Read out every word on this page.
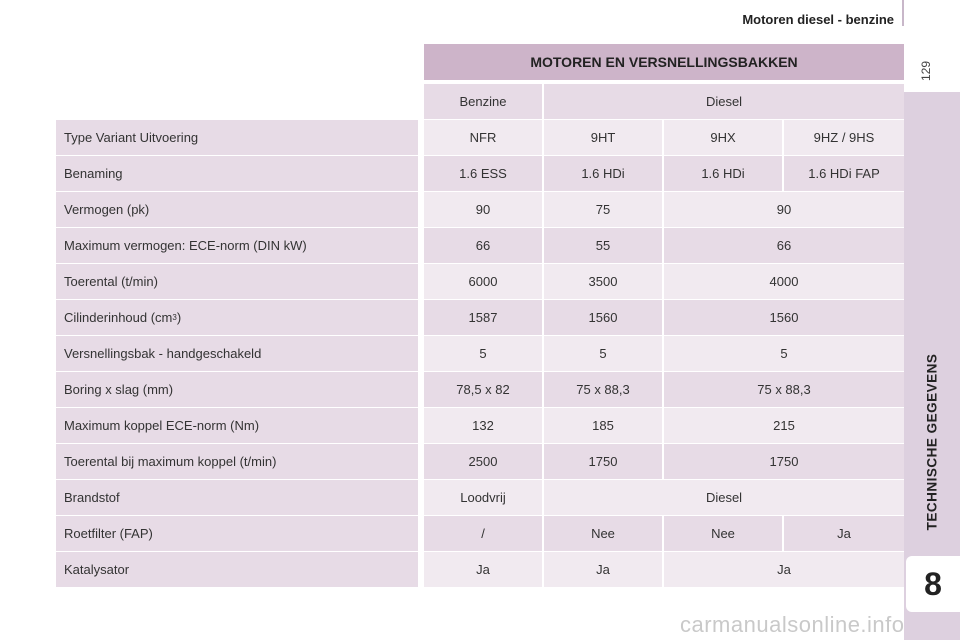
Motoren diesel - benzine
129
TECHNISCHE GEGEVENS
8
MOTOREN EN VERSNELLINGSBAKKEN
Benzine	Diesel
Type Variant Uitvoering	NFR	9HT	9HX	9HZ / 9HS
Benaming	1.6 ESS	1.6 HDi	1.6 HDi	1.6 HDi FAP
Vermogen (pk)	90	75	90
Maximum vermogen: ECE-norm (DIN kW)	66	55	66
Toerental (t/min)	6000	3500	4000
Cilinderinhoud (cm 3 )	1587	1560	1560
Versnellingsbak - handgeschakeld	5	5	5
Boring x slag (mm)	78,5 x 82	75 x 88,3	75 x 88,3
Maximum koppel ECE-norm (Nm)	132	185	215
Toerental bij maximum koppel (t/min)	2500	1750	1750
Brandstof	Loodvrij	Diesel
Roetfilter (FAP)	/	Nee	Nee	Ja
Katalysator	Ja	Ja	Ja
carmanualsonline.info
